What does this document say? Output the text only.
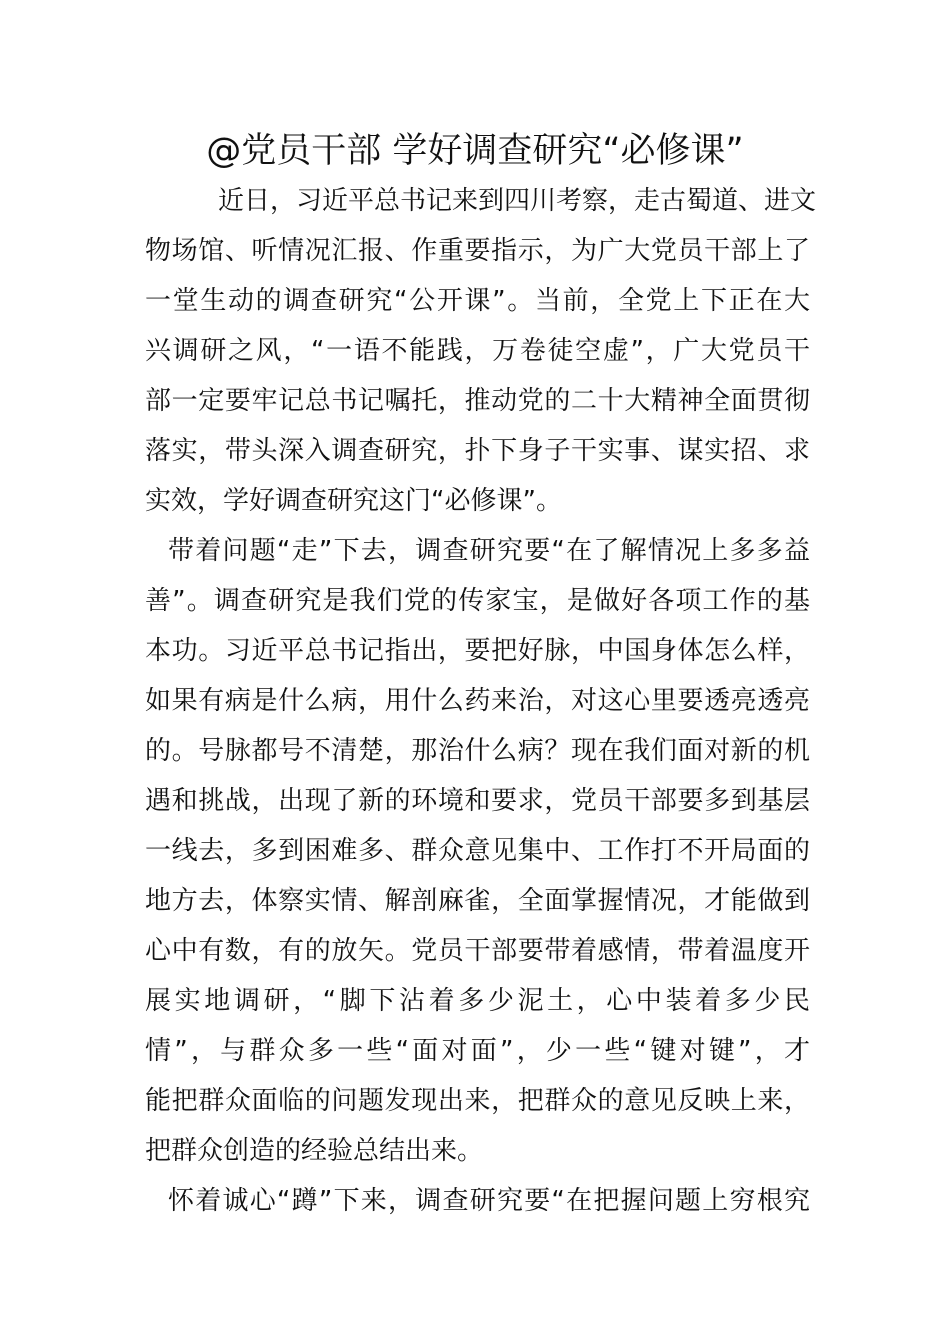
@党员干部 学好调查研究“必修课”
近日，习近平总书记来到四川考察，走古蜀道、进文
物场馆、听情况汇报、作重要指示，为广大党员干部上了
一堂生动的调查研究“公开课”。当前，全党上下正在大
兴调研之风，“一语不能践，万卷徒空虚”，广大党员干
部一定要牢记总书记嘱托，推动党的二十大精神全面贯彻
落实，带头深入调查研究，扑下身子干实事、谋实招、求
实效，学好调查研究这门“必修课”。
带着问题“走”下去，调查研究要“在了解情况上多多益
善”。调查研究是我们党的传家宝，是做好各项工作的基
本功。习近平总书记指出，要把好脉，中国身体怎么样，
如果有病是什么病，用什么药来治，对这心里要透亮透亮
的。号脉都号不清楚，那治什么病？现在我们面对新的机
遇和挑战，出现了新的环境和要求，党员干部要多到基层
一线去，多到困难多、群众意见集中、工作打不开局面的
地方去，体察实情、解剖麻雀，全面掌握情况，才能做到
心中有数，有的放矢。党员干部要带着感情，带着温度开
展实地调研，“脚下沾着多少泥土，心中装着多少民
情”，与群众多一些“面对面”，少一些“键对键”，才
能把群众面临的问题发现出来，把群众的意见反映上来，
把群众创造的经验总结出来。
怀着诚心“蹲”下来，调查研究要“在把握问题上穷根究
